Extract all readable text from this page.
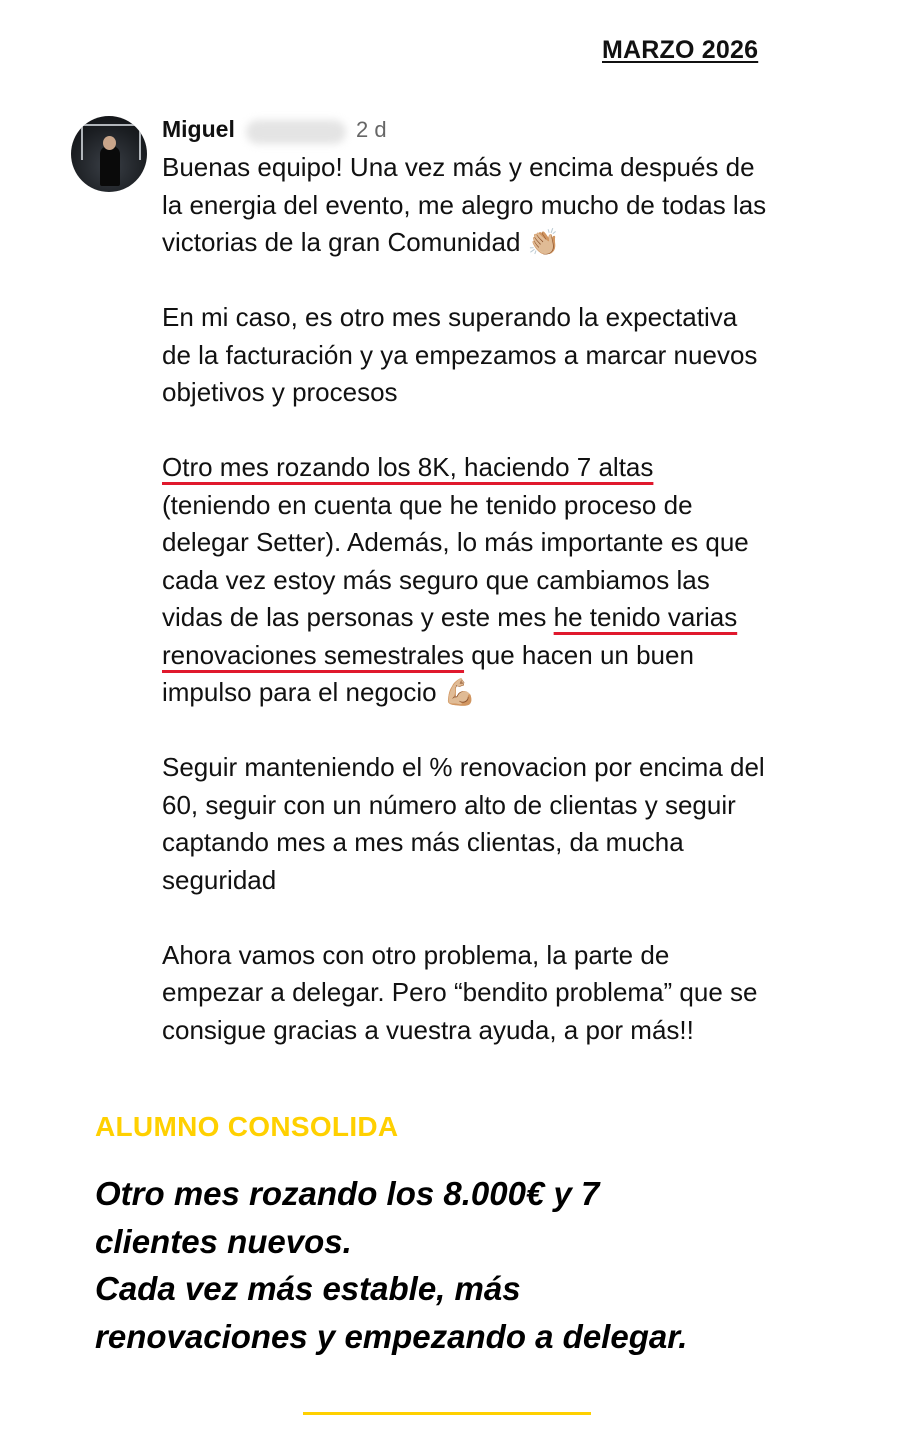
MARZO 2026
Miguel	2 d
Buenas equipo! Una vez más y encima después de
la energia del evento, me alegro mucho de todas las
victorias de la gran Comunidad 👏🏼
En mi caso, es otro mes superando la expectativa
de la facturación y ya empezamos a marcar nuevos
objetivos y procesos
Otro mes rozando los 8K, haciendo 7 altas
(teniendo en cuenta que he tenido proceso de
delegar Setter). Además, lo más importante es que
cada vez estoy más seguro que cambiamos las
vidas de las personas y este mes he tenido varias
renovaciones semestrales que hacen un buen
impulso para el negocio 💪🏼
Seguir manteniendo el % renovacion por encima del
60, seguir con un número alto de clientas y seguir
captando mes a mes más clientas, da mucha
seguridad
Ahora vamos con otro problema, la parte de
empezar a delegar. Pero “bendito problema” que se
consigue gracias a vuestra ayuda, a por más!!
ALUMNO CONSOLIDA
Otro mes rozando los 8.000€ y 7
clientes nuevos.
Cada vez más estable, más
renovaciones y empezando a delegar.
